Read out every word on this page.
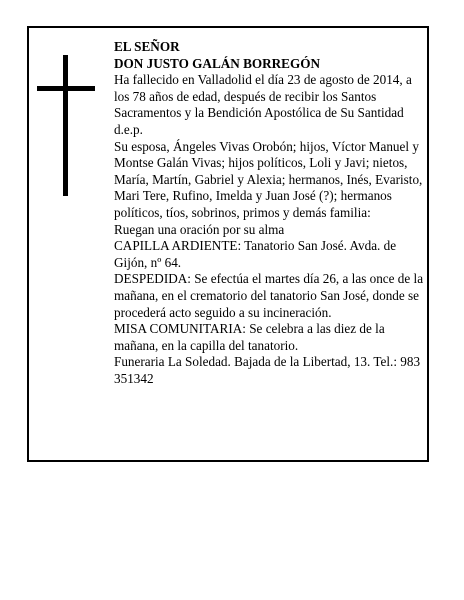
EL SEÑOR

DON JUSTO GALÁN BORREGÓN

Ha fallecido en Valladolid el día 23 de agosto de 2014, a los 78 años de edad, después de recibir los Santos Sacramentos y la Bendición Apostólica de Su Santidad d.e.p.

Su esposa, Ángeles Vivas Orobón; hijos, Víctor Manuel y Montse Galán Vivas; hijos políticos, Loli y Javi; nietos, María, Martín, Gabriel y Alexia; hermanos, Inés, Evaristo, Mari Tere, Rufino, Imelda y Juan José (?); hermanos políticos, tíos, sobrinos, primos y demás familia:

Ruegan una oración por su alma

CAPILLA ARDIENTE: Tanatorio San José. Avda. de Gijón, nº 64.

DESPEDIDA: Se efectúa el martes día 26, a las once de la mañana, en el crematorio del tanatorio San José, donde se procederá acto seguido a su incineración.

MISA COMUNITARIA: Se celebra a las diez de la mañana, en la capilla del tanatorio.

Funeraria La Soledad. Bajada de la Libertad, 13. Tel.: 983 351342
